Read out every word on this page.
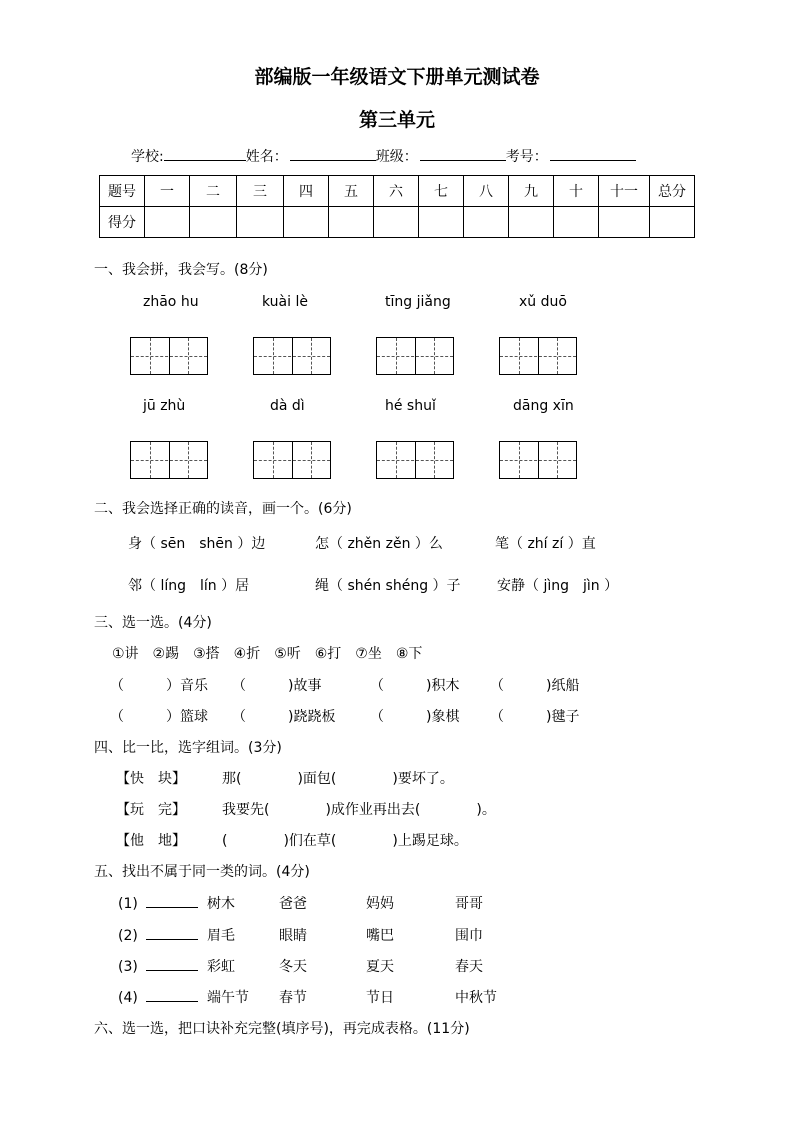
部编版一年级语文下册单元测试卷
第三单元
学校:	姓名：	班级：	考号：
题号	一	二	三	四	五	六	七	八	九	十	十一	总分
得分												
一、我会拼，我会写。(8分)
zhāo hu	kuài lè	tīng jiǎng	xǔ duō
jū zhù	dà dì	hé shuǐ	dāng xīn
二、我会选择正确的读音，画一个。(6分)
身（ sēn　shēn ）边	怎（ zhěn zěn ）么	笔（ zhí zí ）直
邻（ líng　lín ）居	绳（ shén shéng ）子	安静（ jìng　jìn ）
三、选一选。(4分)
①讲　②踢　③搭　④折　⑤听　⑥打　⑦坐　⑧下
（　　　）音乐 （　　　)故事	（　　　)积木 （　　　)纸船
（　　　）篮球 （　　　)跷跷板 （　　　)象棋 （　　　)毽子
四、比一比，选字组词。(3分)
【快　块】	那(　　　　)面包(　　　　)要坏了。
【玩　完】	我要先(　　　　)成作业再出去(　　　　)。
【他　地】	(　　　　)们在草(　　　　)上踢足球。
五、找出不属于同一类的词。(4分)
(1)	树木	爸爸	妈妈	哥哥
(2)	眉毛	眼睛	嘴巴	围巾
(3)	彩虹	冬天	夏天	春天
(4)	端午节 春节	节日	中秋节
六、选一选，把口诀补充完整(填序号)，再完成表格。(11分)
